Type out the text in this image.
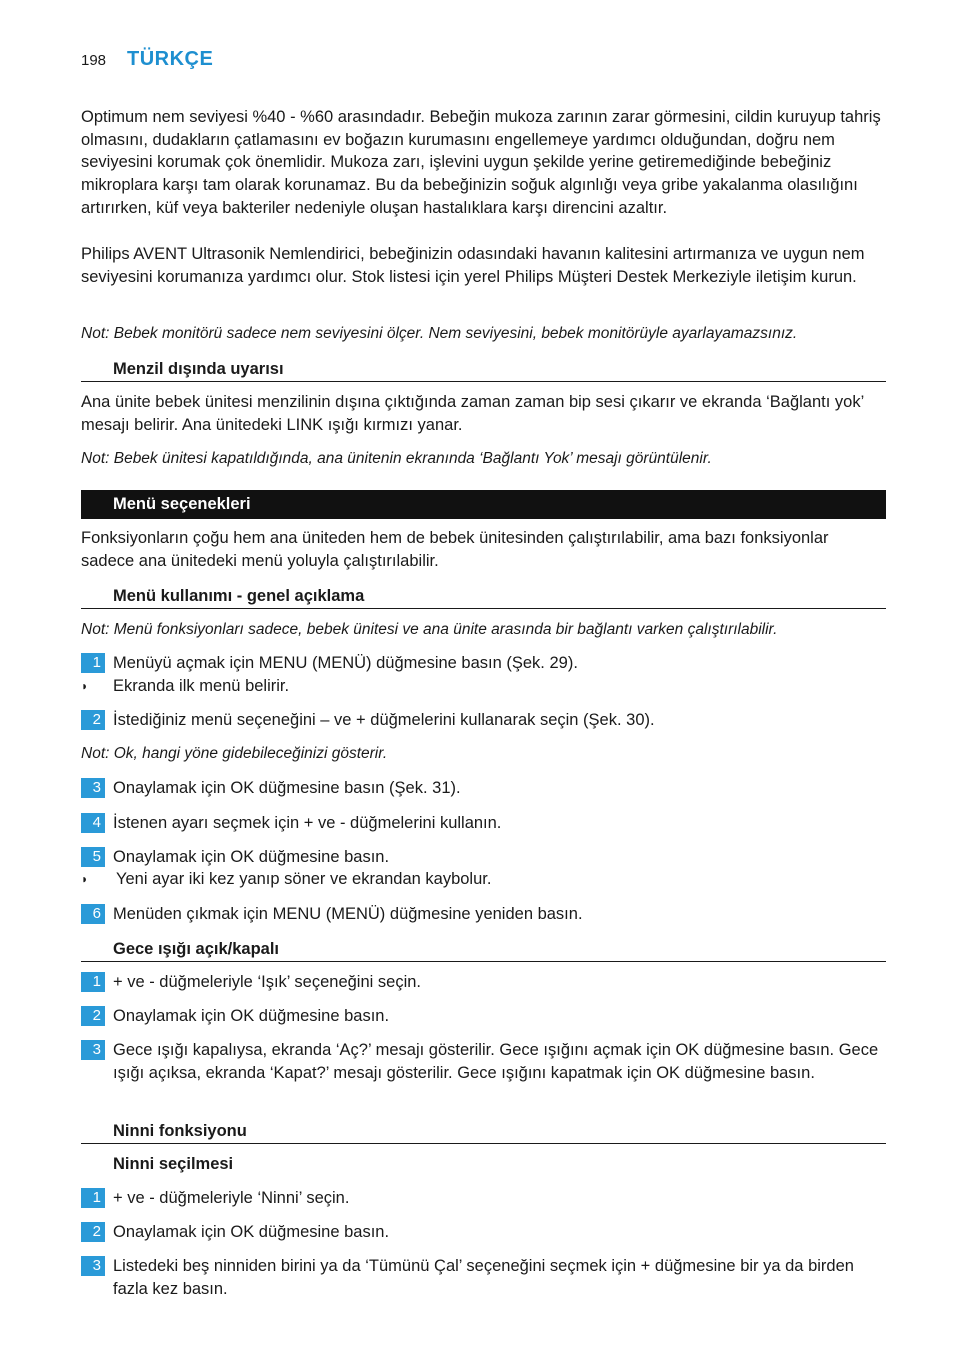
198 TÜRKÇE
Optimum nem seviyesi %40 - %60 arasındadır. Bebeğin mukoza zarının zarar görmesini, cildin kuruyup tahriş olmasını, dudakların çatlamasını ev boğazın kurumasını engellemeye yardımcı olduğundan, doğru nem seviyesini korumak çok önemlidir. Mukoza zarı, işlevini uygun şekilde yerine getiremediğinde bebeğiniz mikroplara karşı tam olarak korunamaz. Bu da bebeğinizin soğuk algınlığı veya gribe yakalanma olasılığını artırırken, küf veya bakteriler nedeniyle oluşan hastalıklara karşı direncini azaltır.
Philips AVENT Ultrasonik Nemlendirici, bebeğinizin odasındaki havanın kalitesini artırmanıza ve uygun nem seviyesini korumanıza yardımcı olur. Stok listesi için yerel Philips Müşteri Destek Merkeziyle iletişim kurun.
Not: Bebek monitörü sadece nem seviyesini ölçer. Nem seviyesini, bebek monitörüyle ayarlayamazsınız.
Menzil dışında uyarısı
Ana ünite bebek ünitesi menzilinin dışına çıktığında zaman zaman bip sesi çıkarır ve ekranda ‘Bağlantı yok’ mesajı belirir. Ana ünitedeki LINK ışığı kırmızı yanar.
Not: Bebek ünitesi kapatıldığında, ana ünitenin ekranında ‘Bağlantı Yok’ mesajı görüntülenir.
Menü seçenekleri
Fonksiyonların çoğu hem ana üniteden hem de bebek ünitesinden çalıştırılabilir, ama bazı fonksiyonlar sadece ana ünitedeki menü yoluyla çalıştırılabilir.
Menü kullanımı - genel açıklama
Not: Menü fonksiyonları sadece, bebek ünitesi ve ana ünite arasında bir bağlantı varken çalıştırılabilir.
1 Menüyü açmak için MENU (MENÜ) düğmesine basın (Şek. 29).
◗ Ekranda ilk menü belirir.
2 İstediğiniz menü seçeneğini – ve + düğmelerini kullanarak seçin (Şek. 30).
Not: Ok, hangi yöne gidebileceğinizi gösterir.
3 Onaylamak için OK düğmesine basın (Şek. 31).
4 İstenen ayarı seçmek için + ve - düğmelerini kullanın.
5 Onaylamak için OK düğmesine basın.
◗ Yeni ayar iki kez yanıp söner ve ekrandan kaybolur.
6 Menüden çıkmak için MENU (MENÜ) düğmesine yeniden basın.
Gece ışığı açık/kapalı
1 + ve - düğmeleriyle ‘Işık’ seçeneğini seçin.
2 Onaylamak için OK düğmesine basın.
3 Gece ışığı kapalıysa, ekranda ‘Aç?’ mesajı gösterilir. Gece ışığını açmak için OK düğmesine basın. Gece ışığı açıksa, ekranda ‘Kapat?’ mesajı gösterilir. Gece ışığını kapatmak için OK düğmesine basın.
Ninni fonksiyonu
Ninni seçilmesi
1 + ve - düğmeleriyle ‘Ninni’ seçin.
2 Onaylamak için OK düğmesine basın.
3 Listedeki beş ninniden birini ya da ‘Tümünü Çal’ seçeneğini seçmek için + düğmesine bir ya da birden fazla kez basın.
